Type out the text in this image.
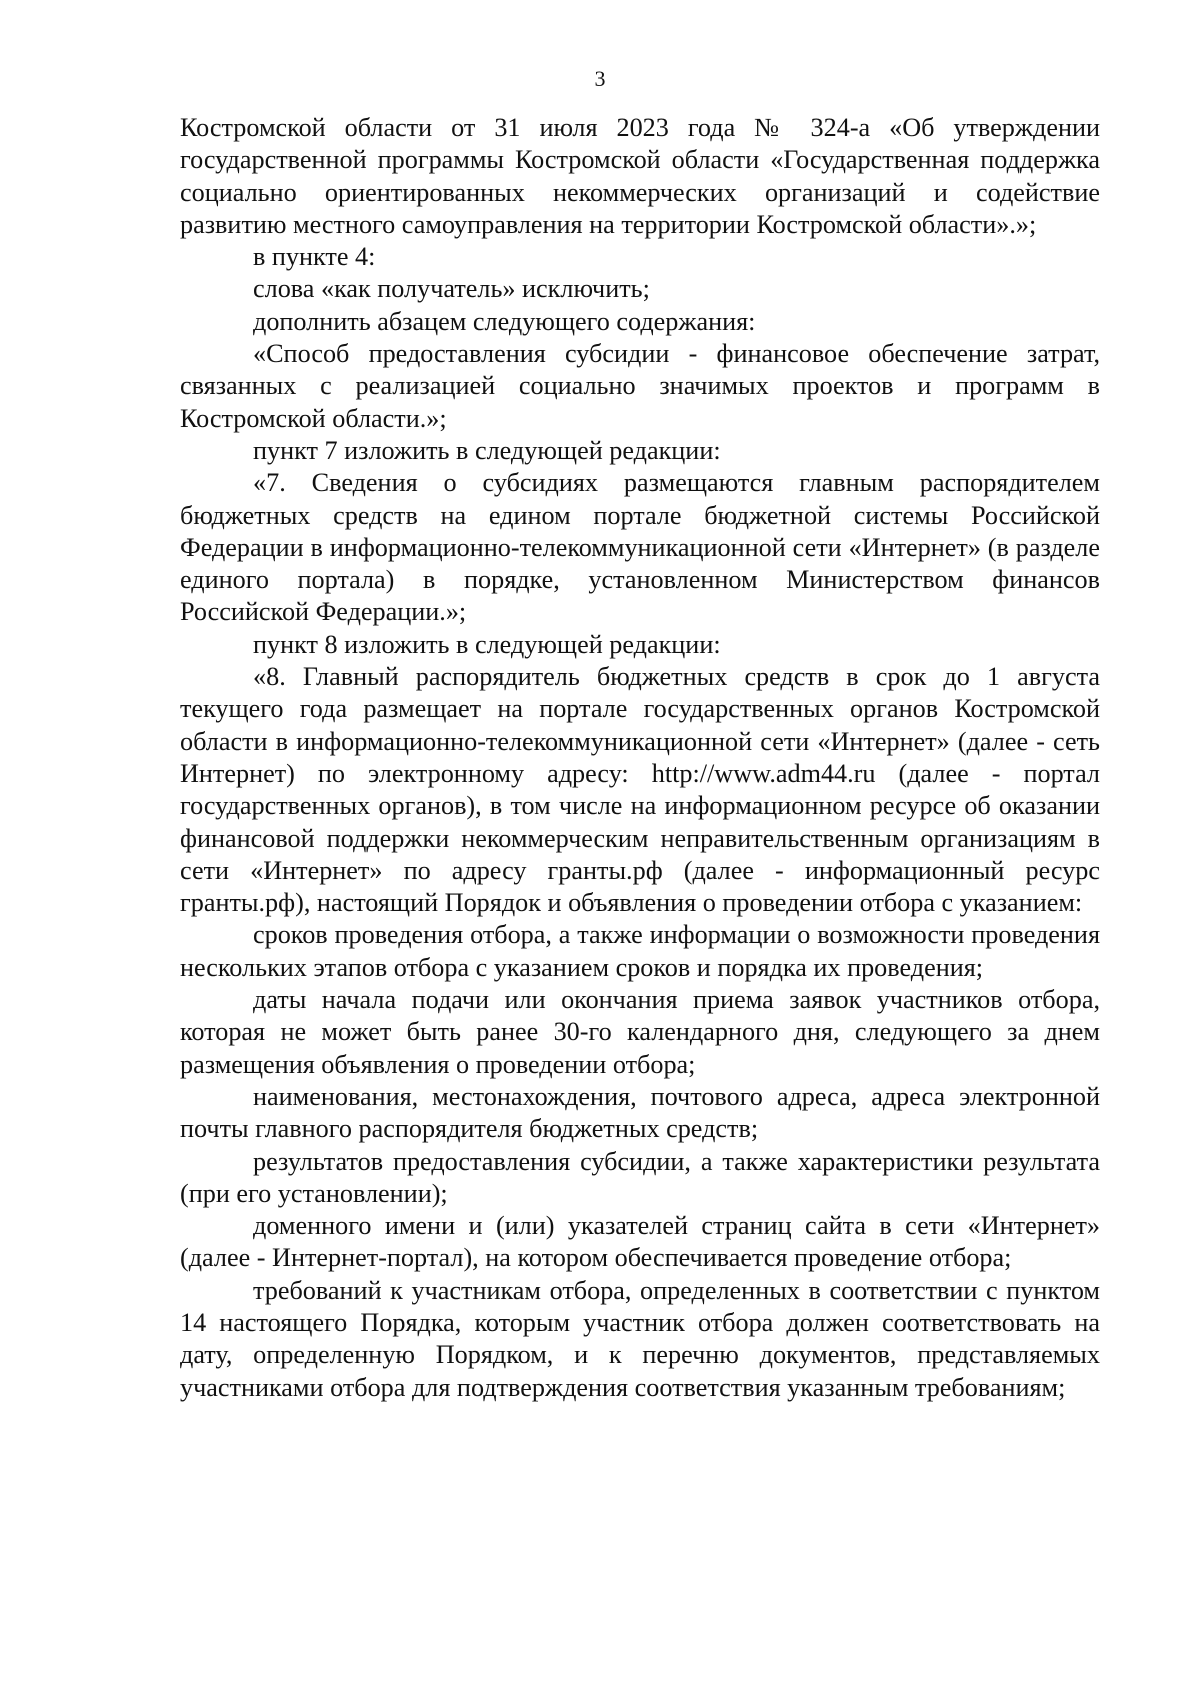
3

Костромской области от 31 июля 2023 года № 324-а «Об утверждении государственной программы Костромской области «Государственная поддержка социально ориентированных некоммерческих организаций и содействие развитию местного самоуправления на территории Костромской области».»;

в пункте 4:

слова «как получатель» исключить;

дополнить абзацем следующего содержания:

«Способ предоставления субсидии - финансовое обеспечение затрат, связанных с реализацией социально значимых проектов и программ в Костромской области.»;

пункт 7 изложить в следующей редакции:

«7. Сведения о субсидиях размещаются главным распорядителем бюджетных средств на едином портале бюджетной системы Российской Федерации в информационно-телекоммуникационной сети «Интернет» (в разделе единого портала) в порядке, установленном Министерством финансов Российской Федерации.»;

пункт 8 изложить в следующей редакции:

«8. Главный распорядитель бюджетных средств в срок до 1 августа текущего года размещает на портале государственных органов Костромской области в информационно-телекоммуникационной сети «Интернет» (далее - сеть Интернет) по электронному адресу: http://www.adm44.ru (далее - портал государственных органов), в том числе на информационном ресурсе об оказании финансовой поддержки некоммерческим неправительственным организациям в сети «Интернет» по адресу гранты.рф (далее - информационный ресурс гранты.рф), настоящий Порядок и объявления о проведении отбора с указанием:

сроков проведения отбора, а также информации о возможности проведения нескольких этапов отбора с указанием сроков и порядка их проведения;

даты начала подачи или окончания приема заявок участников отбора, которая не может быть ранее 30-го календарного дня, следующего за днем размещения объявления о проведении отбора;

наименования, местонахождения, почтового адреса, адреса электронной почты главного распорядителя бюджетных средств;

результатов предоставления субсидии, а также характеристики результата (при его установлении);

доменного имени и (или) указателей страниц сайта в сети «Интернет» (далее - Интернет-портал), на котором обеспечивается проведение отбора;

требований к участникам отбора, определенных в соответствии с пунктом 14 настоящего Порядка, которым участник отбора должен соответствовать на дату, определенную Порядком, и к перечню документов, представляемых участниками отбора для подтверждения соответствия указанным требованиям;
